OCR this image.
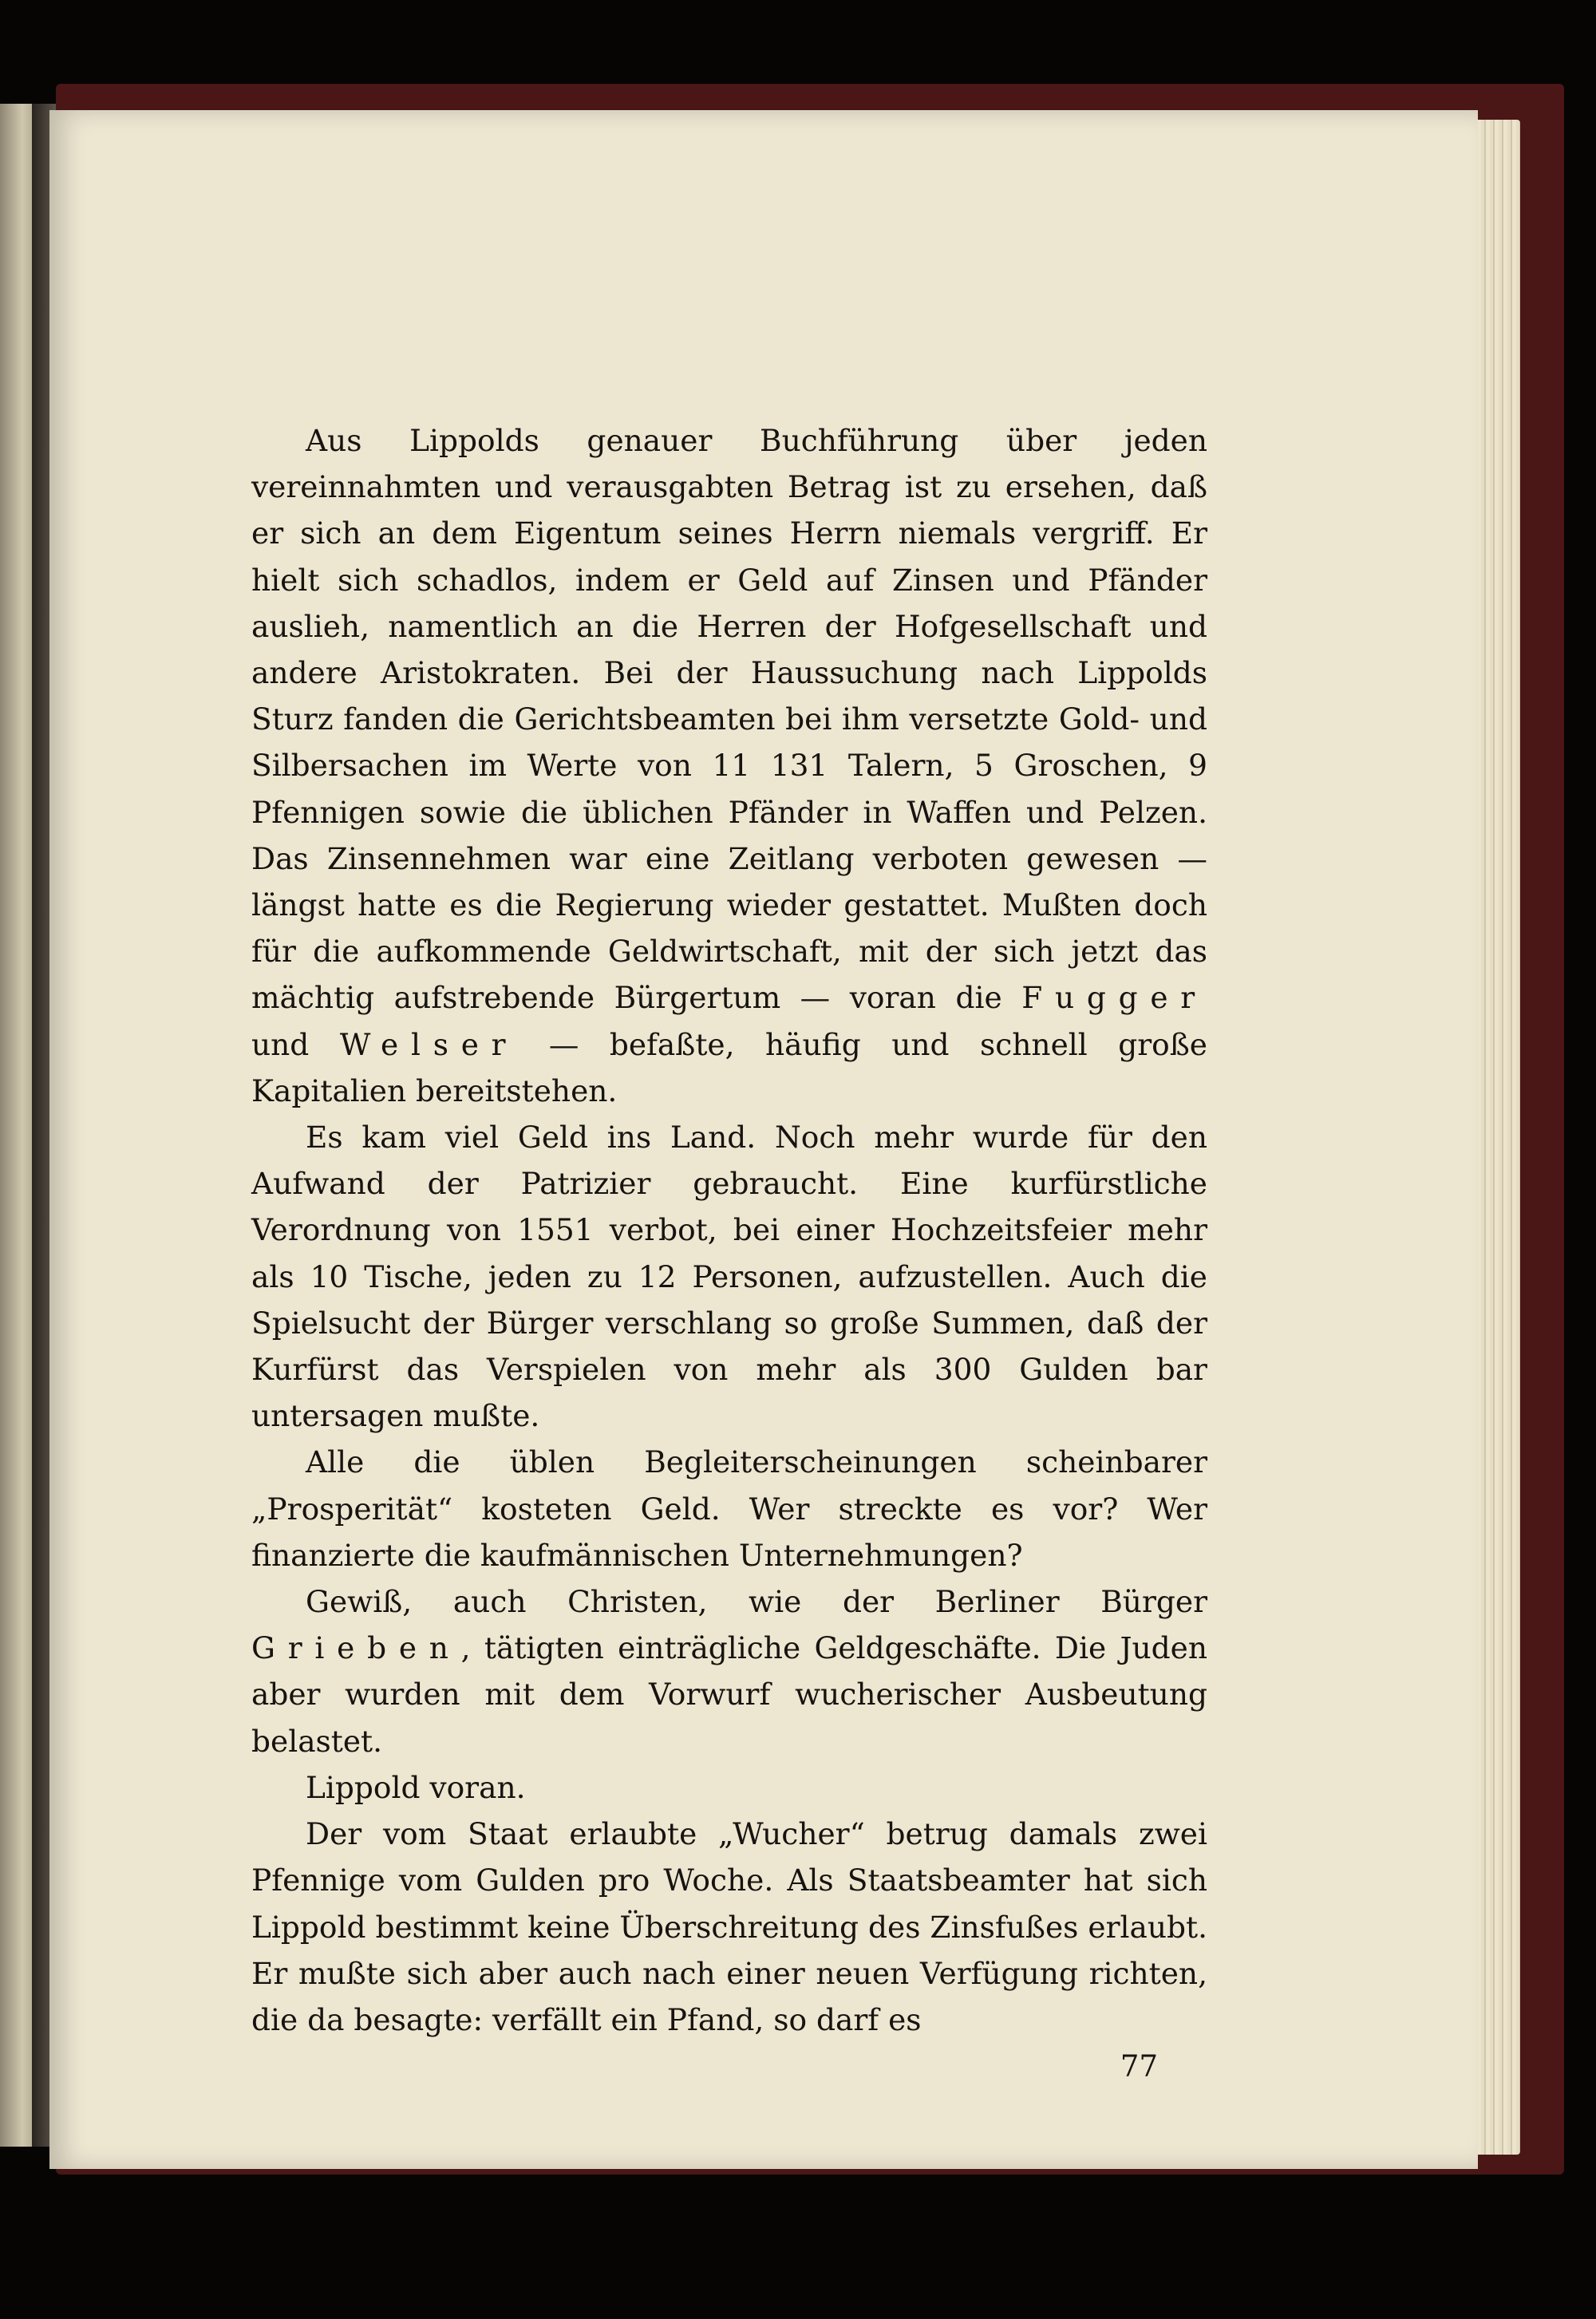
Aus Lippolds genauer Buchführung über jeden vereinnahmten und verausgabten Betrag ist zu ersehen, daß er sich an dem Eigentum seines Herrn niemals vergriff. Er hielt sich schadlos, indem er Geld auf Zinsen und Pfänder auslieh, namentlich an die Herren der Hofgesellschaft und andere Aristokraten. Bei der Haussuchung nach Lippolds Sturz fanden die Gerichtsbeamten bei ihm versetzte Gold- und Silbersachen im Werte von 11 131 Talern, 5 Groschen, 9 Pfennigen sowie die üblichen Pfänder in Waffen und Pelzen. Das Zinsennehmen war eine Zeitlang verboten gewesen — längst hatte es die Regierung wieder gestattet. Mußten doch für die aufkommende Geldwirtschaft, mit der sich jetzt das mächtig aufstrebende Bürgertum — voran die Fugger und Welser — befaßte, häufig und schnell große Kapitalien bereitstehen.

Es kam viel Geld ins Land. Noch mehr wurde für den Aufwand der Patrizier gebraucht. Eine kurfürstliche Verordnung von 1551 verbot, bei einer Hochzeitsfeier mehr als 10 Tische, jeden zu 12 Personen, aufzustellen. Auch die Spielsucht der Bürger verschlang so große Summen, daß der Kurfürst das Verspielen von mehr als 300 Gulden bar untersagen mußte.

Alle die üblen Begleiterscheinungen scheinbarer „Prosperität“ kosteten Geld. Wer streckte es vor? Wer finanzierte die kaufmännischen Unternehmungen?

Gewiß, auch Christen, wie der Berliner Bürger Grieben, tätigten einträgliche Geldgeschäfte. Die Juden aber wurden mit dem Vorwurf wucherischer Ausbeutung belastet.

Lippold voran.

Der vom Staat erlaubte „Wucher“ betrug damals zwei Pfennige vom Gulden pro Woche. Als Staatsbeamter hat sich Lippold bestimmt keine Überschreitung des Zinsfußes erlaubt. Er mußte sich aber auch nach einer neuen Verfügung richten, die da besagte: verfällt ein Pfand, so darf es

77
